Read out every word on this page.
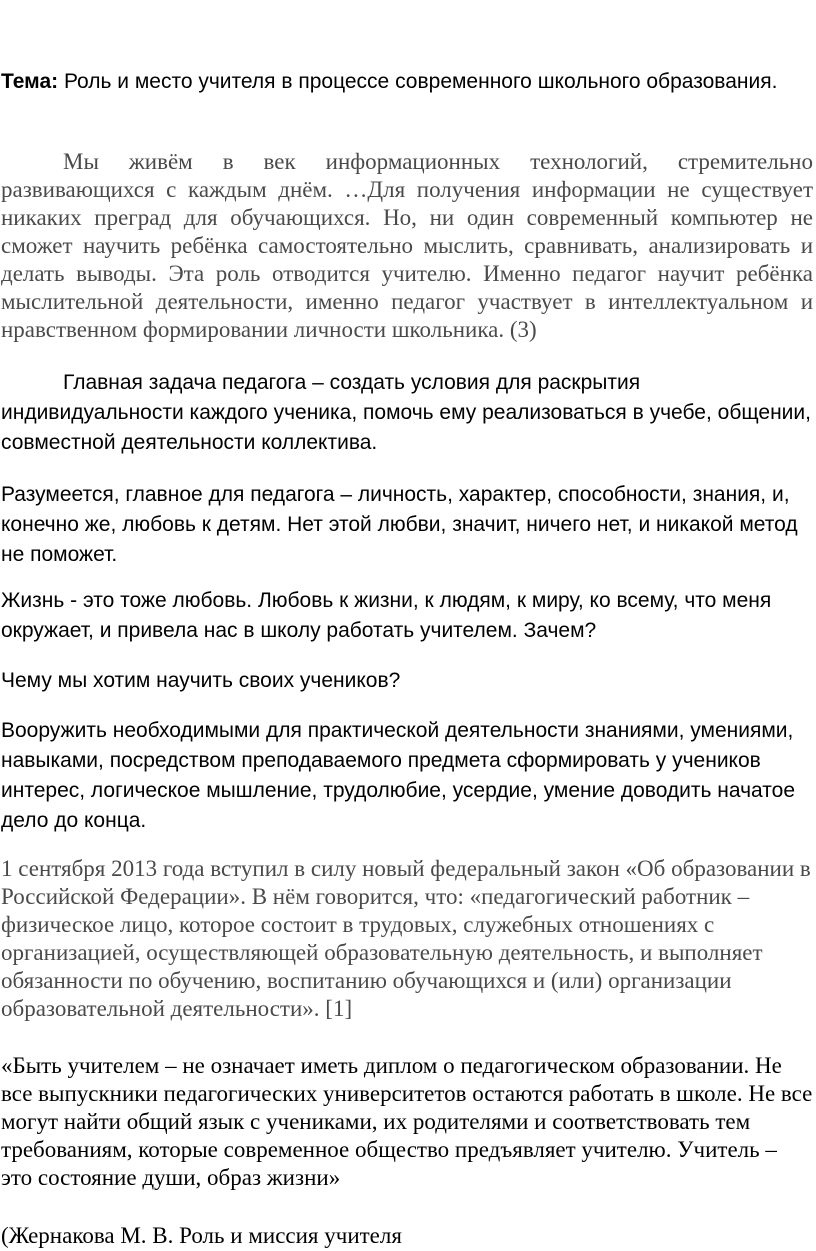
Тема: Роль и место учителя в процессе современного школьного образования.

Мы живём в век информационных технологий, стремительно развивающихся с каждым днём. …Для получения информации не существует никаких преград для обучающихся. Но, ни один современный компьютер не сможет научить ребёнка самостоятельно мыслить, сравнивать, анализировать и делать выводы. Эта роль отводится учителю. Именно педагог научит ребёнка мыслительной деятельности, именно педагог участвует в интеллектуальном и нравственном формировании личности школьника. (3)

Главная задача педагога – создать условия для раскрытия индивидуальности каждого ученика, помочь ему реализоваться в учебе, общении, совместной деятельности коллектива.

Разумеется, главное для педагога – личность, характер, способности, знания, и, конечно же, любовь к детям. Нет этой любви, значит, ничего нет, и никакой метод не поможет.

Жизнь - это тоже любовь. Любовь к жизни, к людям, к миру, ко всему, что меня окружает, и привела нас в школу работать учителем. Зачем?

Чему мы хотим научить своих учеников?

Вооружить необходимыми для практической деятельности знаниями, умениями, навыками, посредством преподаваемого предмета сформировать у учеников интерес, логическое мышление, трудолюбие, усердие, умение доводить начатое дело до конца.

1 сентября 2013 года вступил в силу новый федеральный закон «Об образовании в Российской Федерации». В нём говорится, что: «педагогический работник – физическое лицо, которое состоит в трудовых, служебных отношениях с организацией, осуществляющей образовательную деятельность, и выполняет обязанности по обучению, воспитанию обучающихся и (или) организации образовательной деятельности». [1]

«Быть учителем – не означает иметь диплом о педагогическом образовании. Не все выпускники педагогических университетов остаются работать в школе. Не все могут найти общий язык с учениками, их родителями и соответствовать тем требованиям, которые современное общество предъявляет учителю. Учитель – это состояние души, образ жизни»

(Жернакова М. В. Роль и миссия учителя
